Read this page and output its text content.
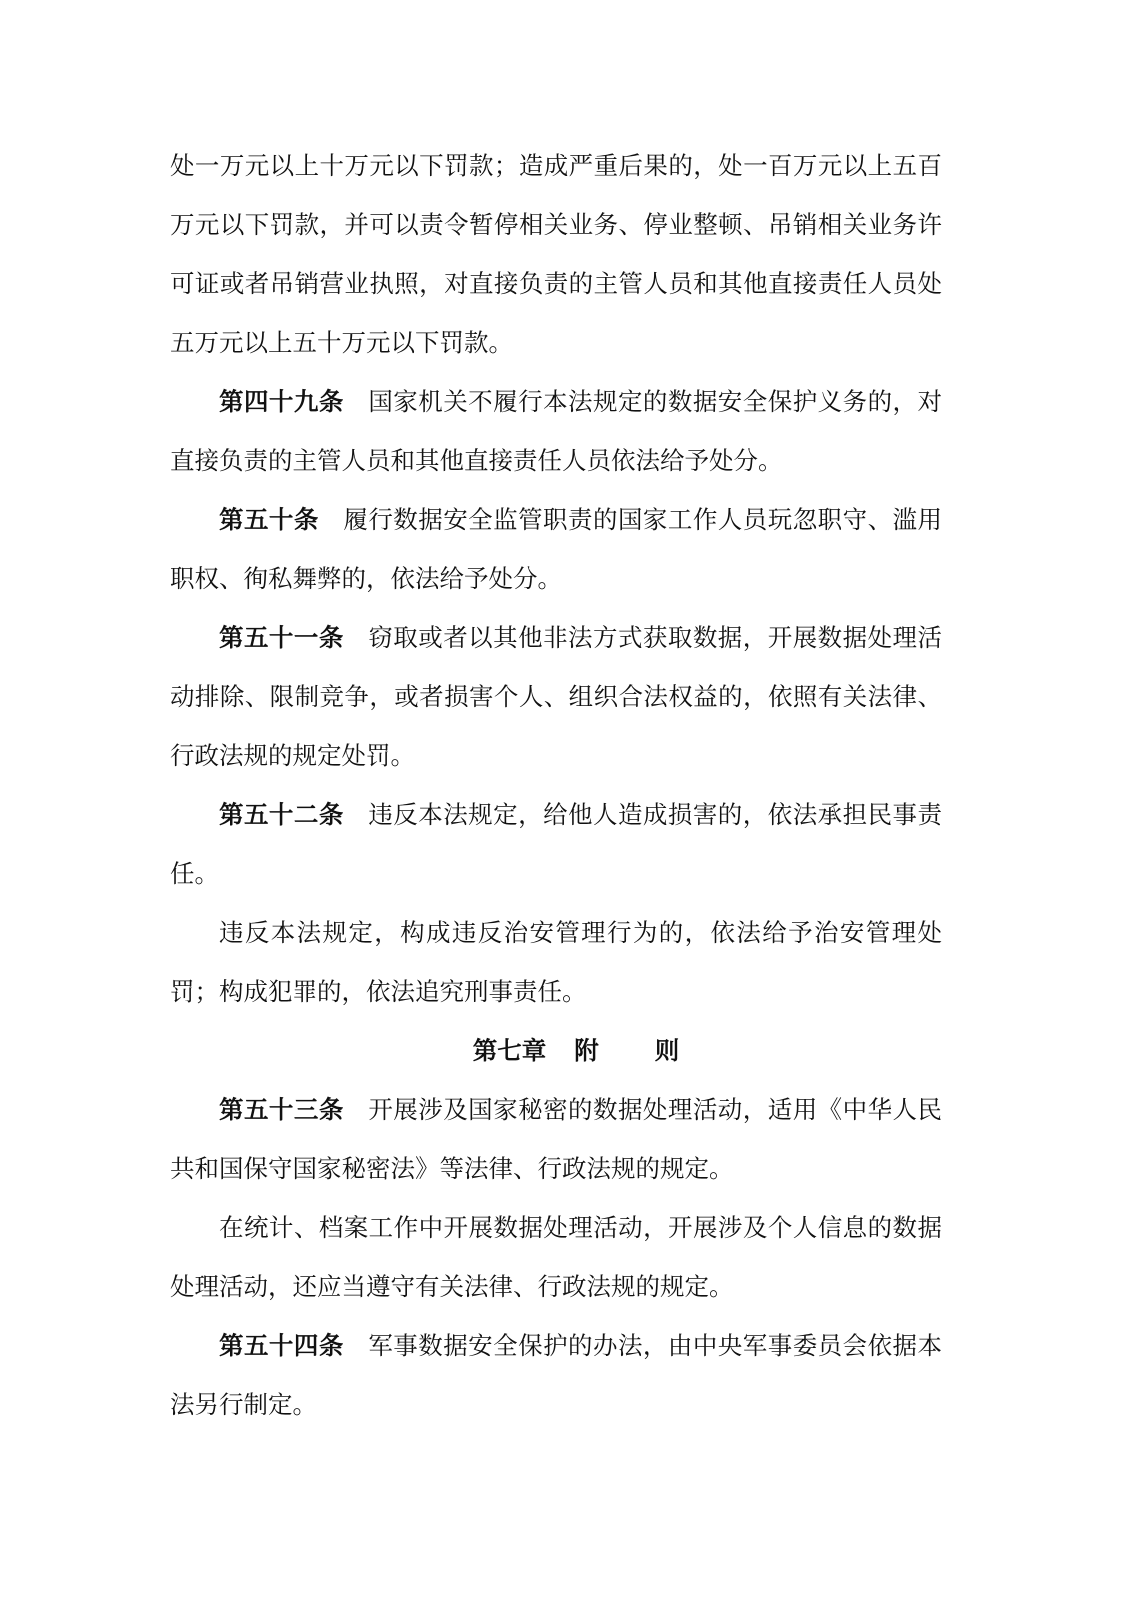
处一万元以上十万元以下罚款；造成严重后果的，处一百万元以上五百万元以下罚款，并可以责令暂停相关业务、停业整顿、吊销相关业务许可证或者吊销营业执照，对直接负责的主管人员和其他直接责任人员处五万元以上五十万元以下罚款。

第四十九条 国家机关不履行本法规定的数据安全保护义务的，对直接负责的主管人员和其他直接责任人员依法给予处分。

第五十条 履行数据安全监管职责的国家工作人员玩忽职守、滥用职权、徇私舞弊的，依法给予处分。

第五十一条 窃取或者以其他非法方式获取数据，开展数据处理活动排除、限制竞争，或者损害个人、组织合法权益的，依照有关法律、行政法规的规定处罚。

第五十二条 违反本法规定，给他人造成损害的，依法承担民事责任。

违反本法规定，构成违反治安管理行为的，依法给予治安管理处罚；构成犯罪的，依法追究刑事责任。

第七章 附 则

第五十三条 开展涉及国家秘密的数据处理活动，适用《中华人民共和国保守国家秘密法》等法律、行政法规的规定。

在统计、档案工作中开展数据处理活动，开展涉及个人信息的数据处理活动，还应当遵守有关法律、行政法规的规定。

第五十四条 军事数据安全保护的办法，由中央军事委员会依据本法另行制定。
